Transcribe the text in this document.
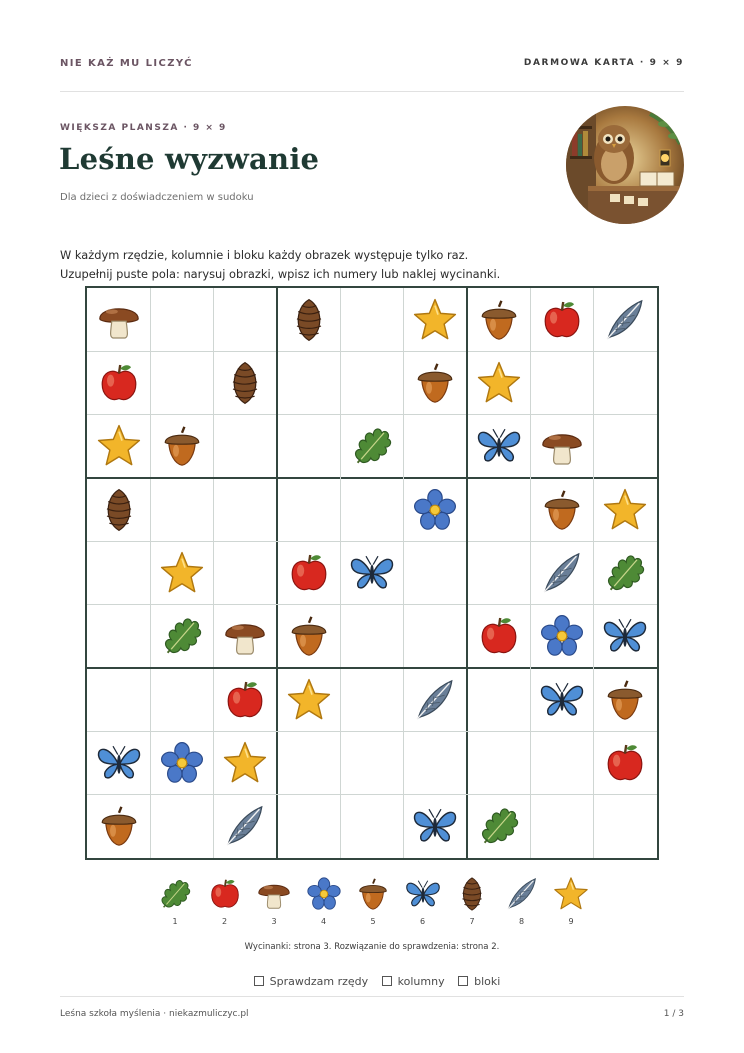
NIE KAŻ MU LICZYĆ	DARMOWA KARTA · 9 × 9
WIĘKSZA PLANSZA · 9 × 9
Leśne wyzwanie
Dla dzieci z doświadczeniem w sudoku

W każdym rzędzie, kolumnie i bloku każdy obrazek występuje tylko raz.
Uzupełnij puste pola: narysuj obrazki, wpisz ich numery lub naklej wycinanki.

1	2	3	4	5	6	7	8	9
Wycinanki: strona 3. Rozwiązanie do sprawdzenia: strona 2.
Sprawdzam rzędy	kolumny	bloki
Leśna szkoła myślenia · niekazmuliczyc.pl	1 / 3
